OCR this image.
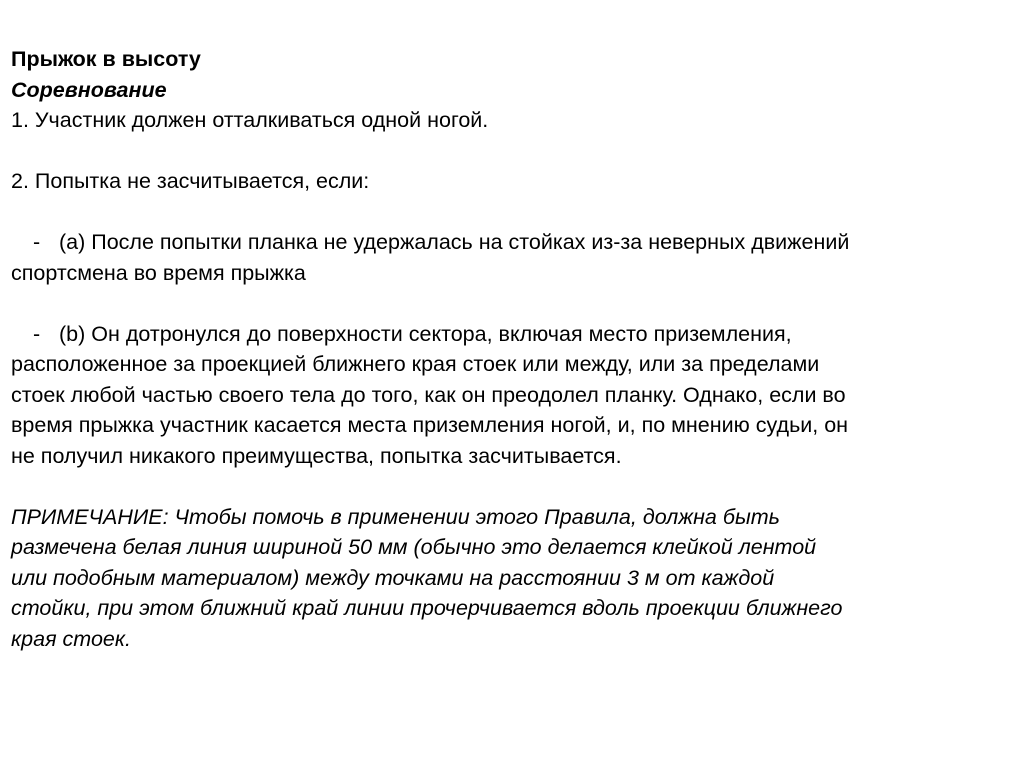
Прыжок в высоту
Соревнование
1. Участник должен отталкиваться одной ногой.
2. Попытка не засчитывается, если:
- (a) После попытки планка не удержалась на стойках из-за неверных движений
спортсмена во время прыжка
- (b) Он дотронулся до поверхности сектора, включая место приземления,
расположенное за проекцией ближнего края стоек или между, или за пределами
стоек любой частью своего тела до того, как он преодолел планку. Однако, если во
время прыжка участник касается места приземления ногой, и, по мнению судьи, он
не получил никакого преимущества, попытка засчитывается.
ПРИМЕЧАНИЕ: Чтобы помочь в применении этого Правила, должна быть
размечена белая линия шириной 50 мм (обычно это делается клейкой лентой
или подобным материалом) между точками на расстоянии 3 м от каждой
стойки, при этом ближний край линии прочерчивается вдоль проекции ближнего
края стоек.
